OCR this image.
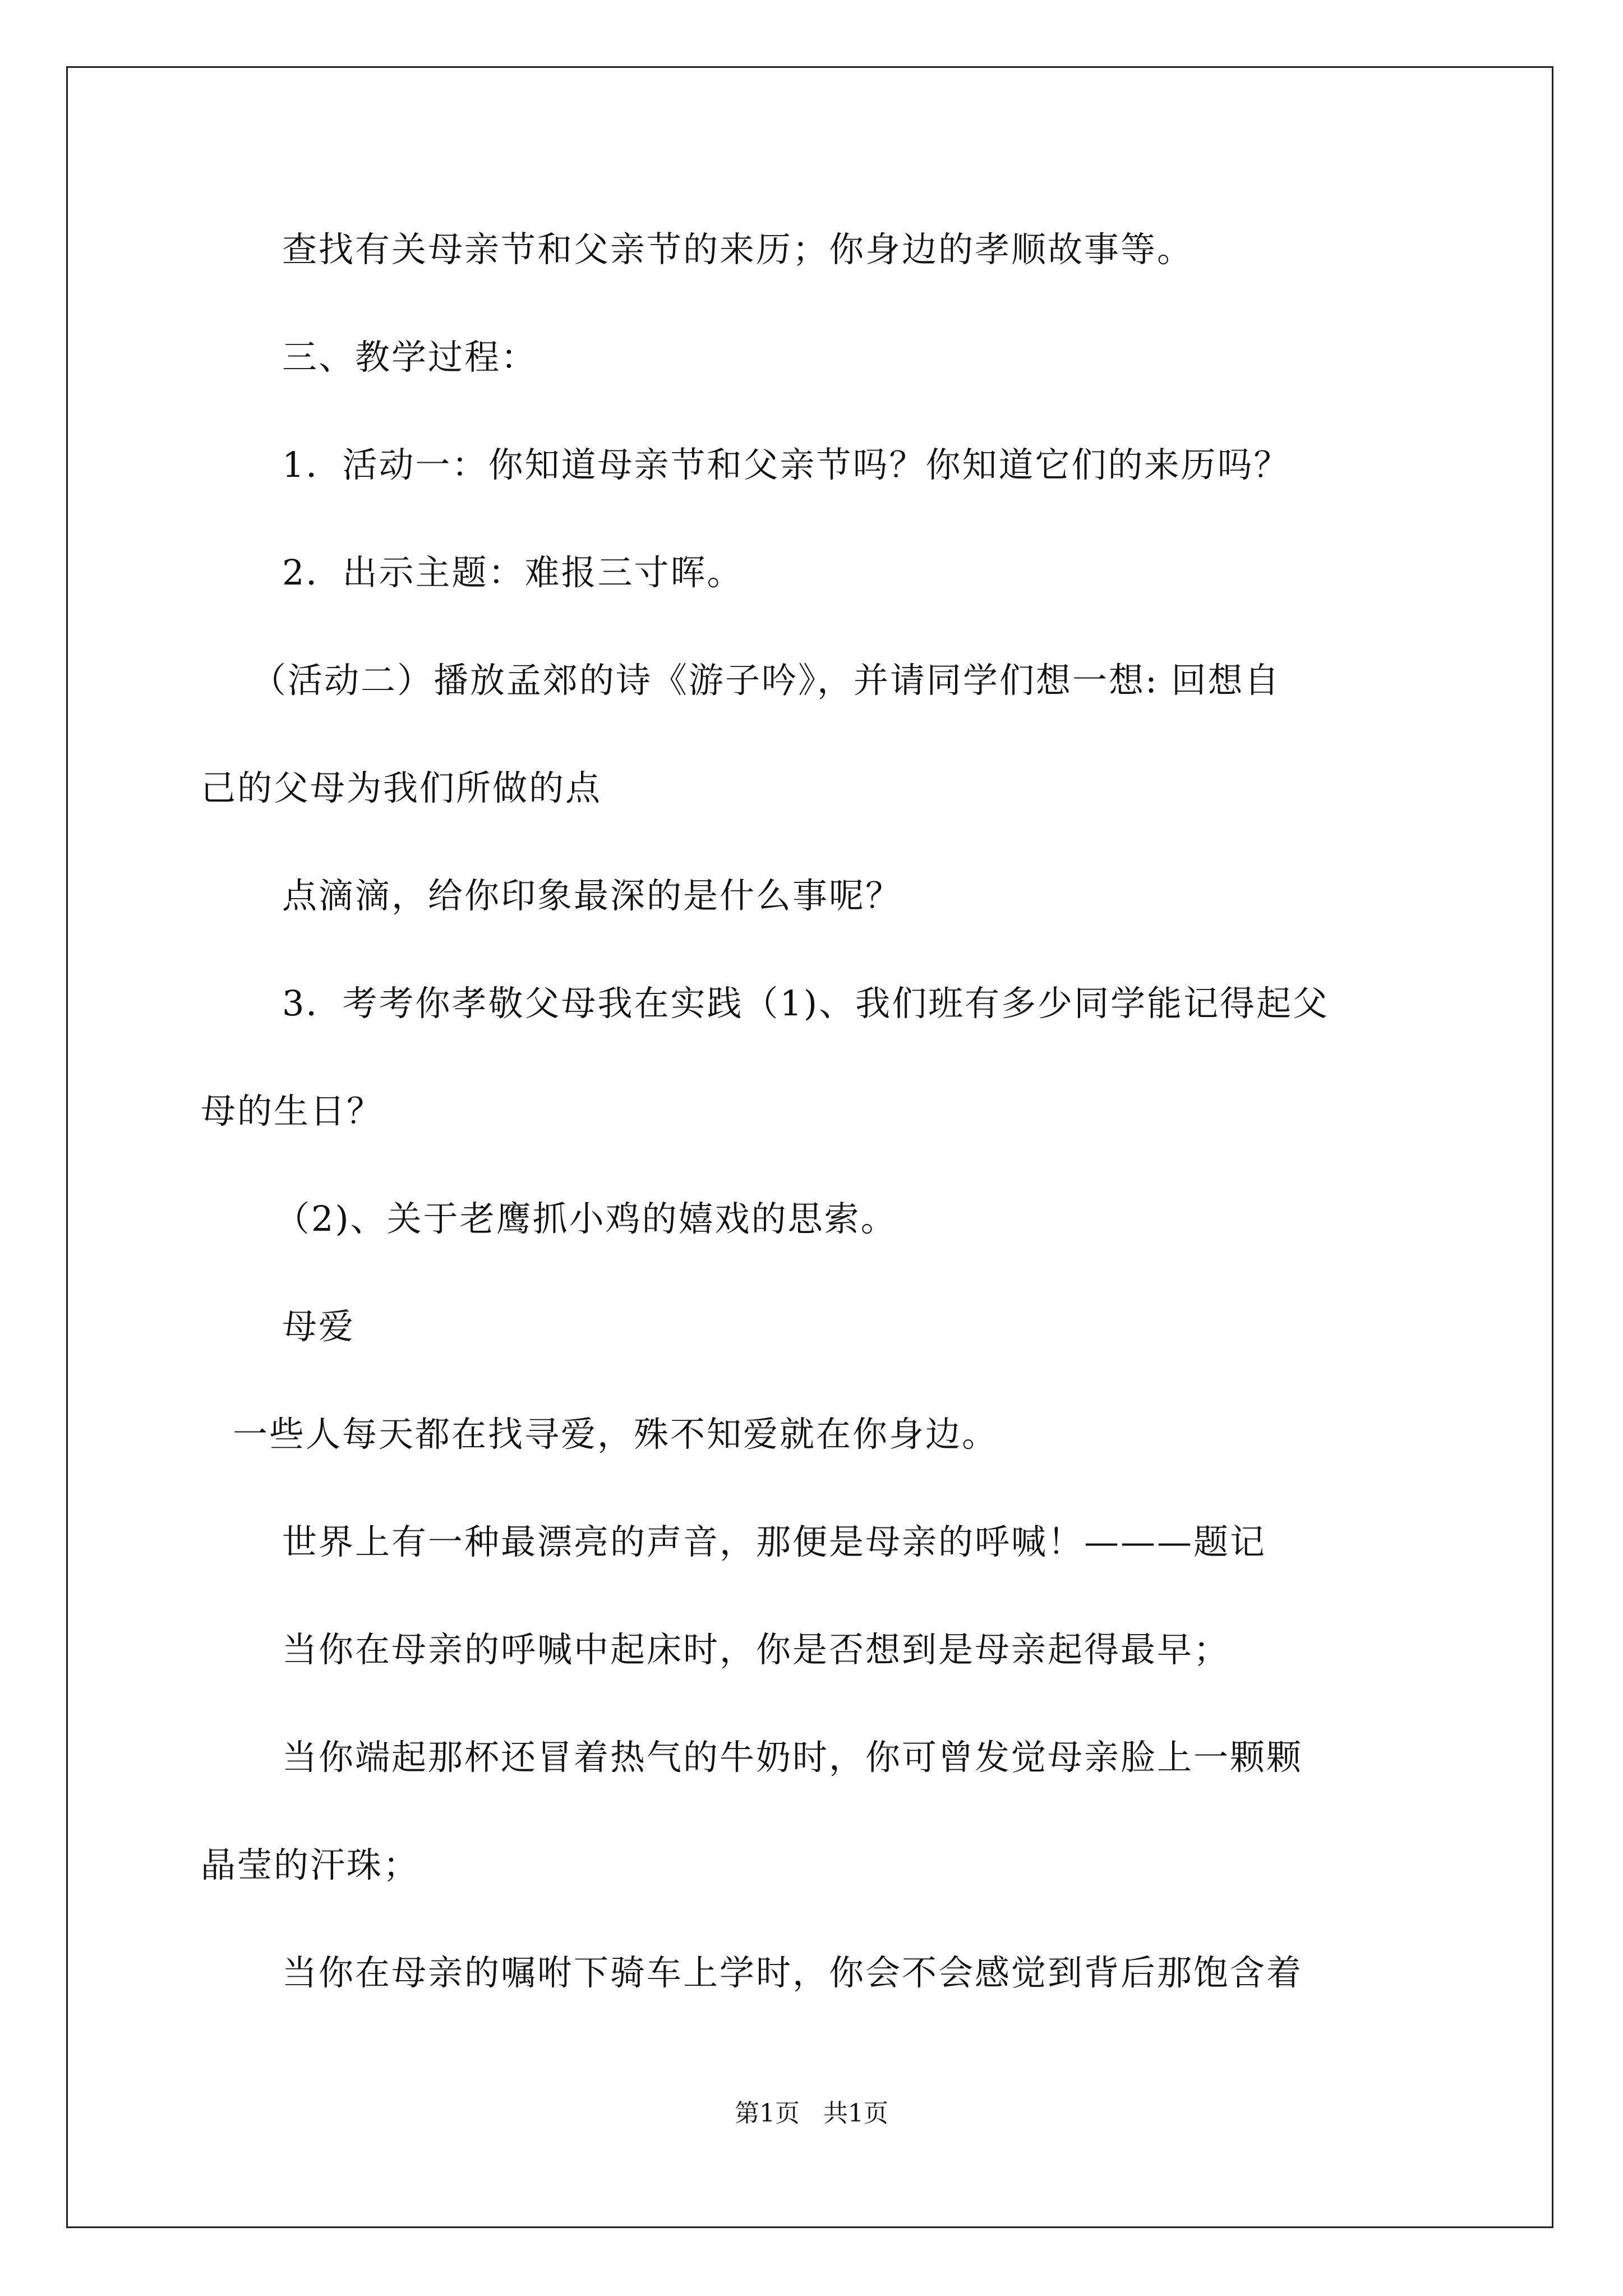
查找有关母亲节和父亲节的来历；你身边的孝顺故事等。
三、教学过程：
1．活动一：你知道母亲节和父亲节吗？你知道它们的来历吗？
2．出示主题：难报三寸晖。
（活动二）播放孟郊的诗《游子吟》，并请同学们想一想: 回想自
己的父母为我们所做的点
点滴滴，给你印象最深的是什么事呢？
3．考考你孝敬父母我在实践（1)、我们班有多少同学能记得起父
母的生日？
（2)、关于老鹰抓小鸡的嬉戏的思索。
母爱
一些人每天都在找寻爱，殊不知爱就在你身边。
世界上有一种最漂亮的声音，那便是母亲的呼喊！———题记
当你在母亲的呼喊中起床时，你是否想到是母亲起得最早；
当你端起那杯还冒着热气的牛奶时，你可曾发觉母亲脸上一颗颗
晶莹的汗珠；
当你在母亲的嘱咐下骑车上学时，你会不会感觉到背后那饱含着
第1页   共1页
